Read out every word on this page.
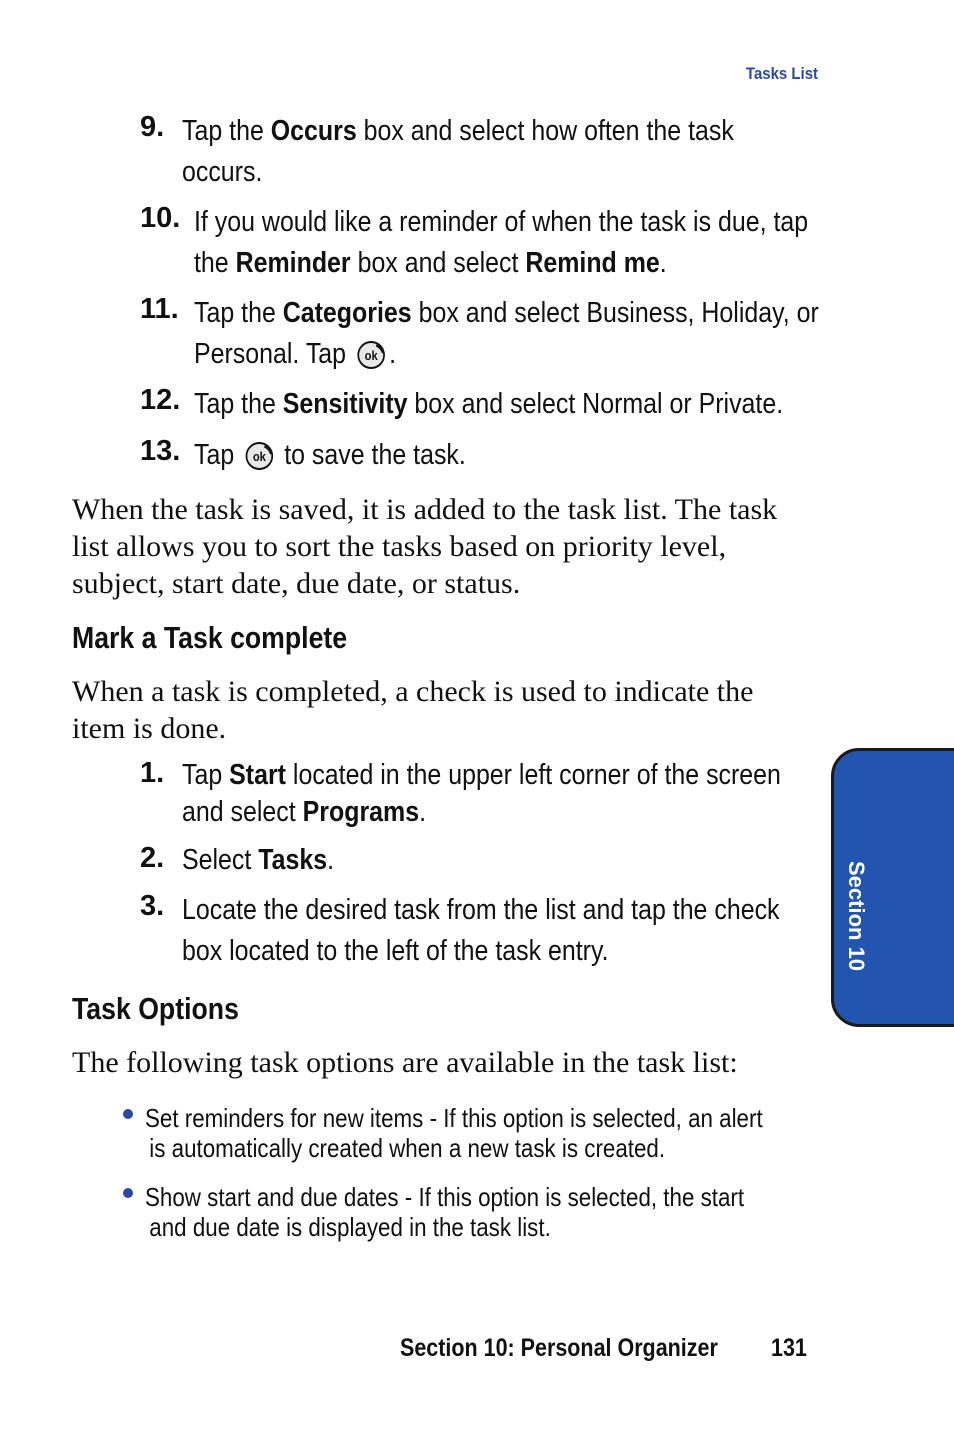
Tasks List
9. Tap the Occurs box and select how often the task
occurs.
10. If you would like a reminder of when the task is due, tap
the Reminder box and select Remind me.
11. Tap the Categories box and select Business, Holiday, or
Personal. Tap ok .
12. Tap the Sensitivity box and select Normal or Private.
13. Tap ok to save the task.
When the task is saved, it is added to the task list. The task
list allows you to sort the tasks based on priority level,
subject, start date, due date, or status.
Mark a Task complete
When a task is completed, a check is used to indicate the
item is done.
1. Tap Start located in the upper left corner of the screen
and select Programs.
2. Select Tasks.
3. Locate the desired task from the list and tap the check
box located to the left of the task entry.
Task Options
The following task options are available in the task list:
Set reminders for new items - If this option is selected, an alert
is automatically created when a new task is created.
Show start and due dates - If this option is selected, the start
and due date is displayed in the task list.
Section 10: Personal Organizer 131
